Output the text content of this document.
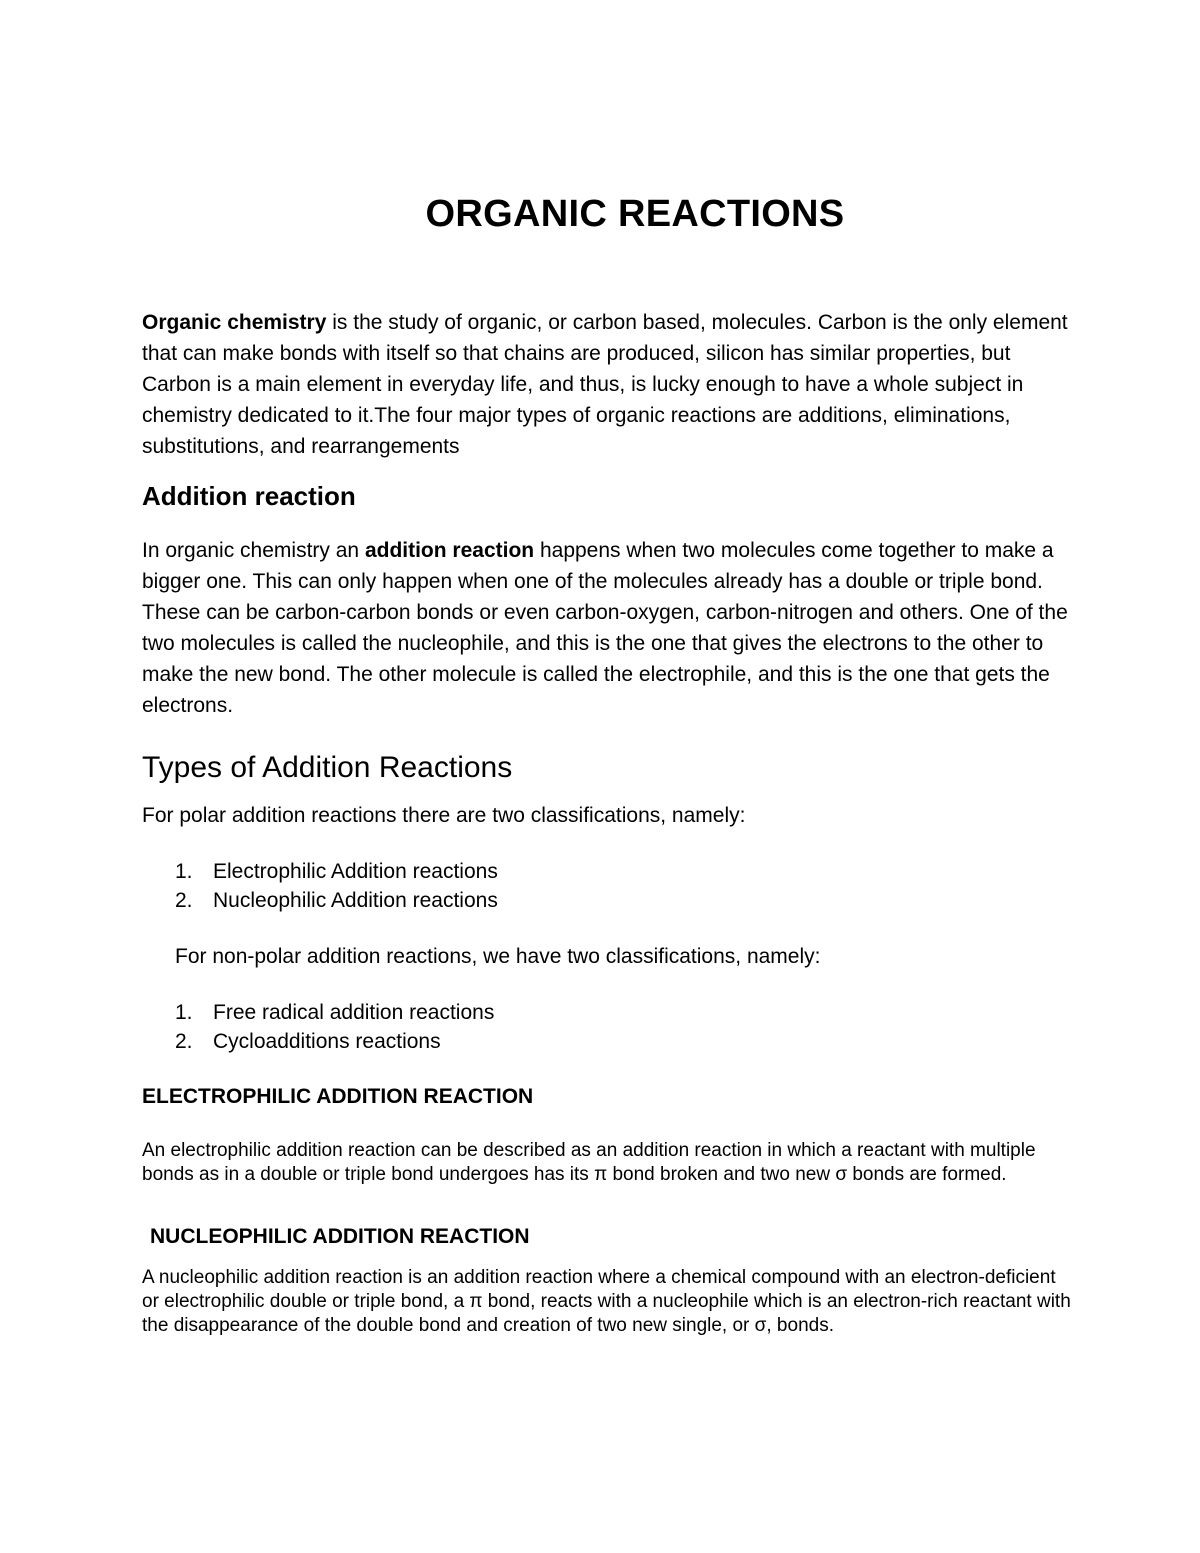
ORGANIC REACTIONS

Organic chemistry is the study of organic, or carbon based, molecules. Carbon is the only element that can make bonds with itself so that chains are produced, silicon has similar properties, but Carbon is a main element in everyday life, and thus, is lucky enough to have a whole subject in chemistry dedicated to it.The four major types of organic reactions are additions, eliminations, substitutions, and rearrangements

Addition reaction

In organic chemistry an addition reaction happens when two molecules come together to make a bigger one. This can only happen when one of the molecules already has a double or triple bond. These can be carbon-carbon bonds or even carbon-oxygen, carbon-nitrogen and others. One of the two molecules is called the nucleophile, and this is the one that gives the electrons to the other to make the new bond. The other molecule is called the electrophile, and this is the one that gets the electrons.

Types of Addition Reactions
For polar addition reactions there are two classifications, namely:
1. Electrophilic Addition reactions
2. Nucleophilic Addition reactions
For non-polar addition reactions, we have two classifications, namely:
1. Free radical addition reactions
2. Cycloadditions reactions
ELECTROPHILIC ADDITION REACTION

An electrophilic addition reaction can be described as an addition reaction in which a reactant with multiple bonds as in a double or triple bond undergoes has its π bond broken and two new σ bonds are formed.

NUCLEOPHILIC ADDITION REACTION

A nucleophilic addition reaction is an addition reaction where a chemical compound with an electron-deficient or electrophilic double or triple bond, a π bond, reacts with a nucleophile which is an electron-rich reactant with the disappearance of the double bond and creation of two new single, or σ, bonds.
